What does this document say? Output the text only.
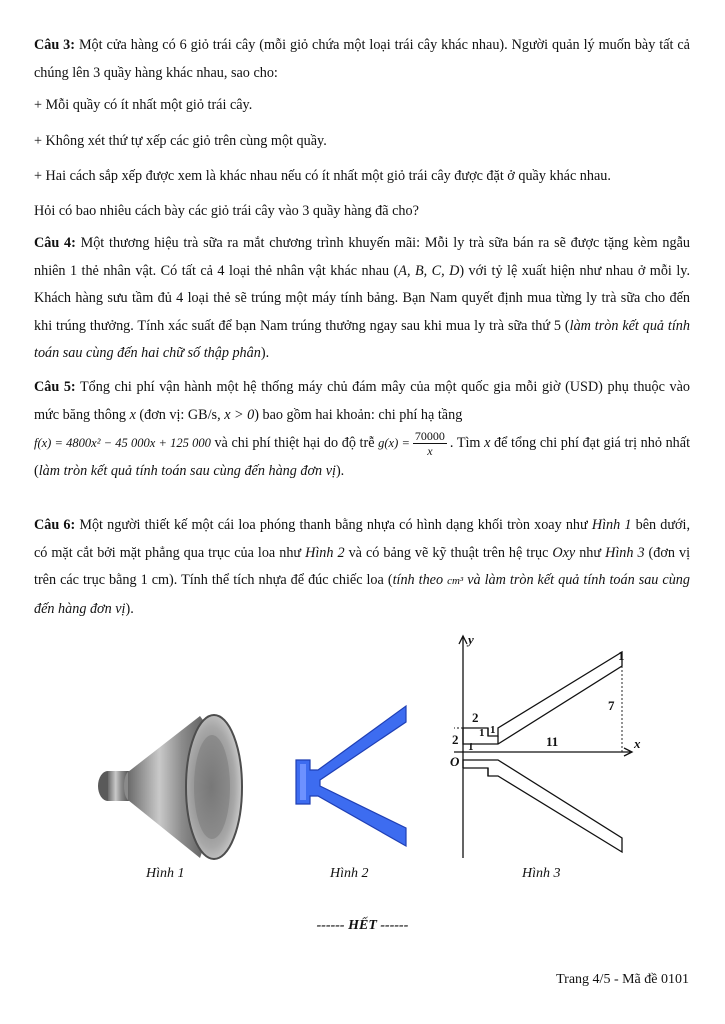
Câu 3: Một cửa hàng có 6 giỏ trái cây (mỗi giỏ chứa một loại trái cây khác nhau). Người quản lý muốn bày tất cả chúng lên 3 quầy hàng khác nhau, sao cho:
+ Mỗi quầy có ít nhất một giỏ trái cây.
+ Không xét thứ tự xếp các giỏ trên cùng một quầy.
+ Hai cách sắp xếp được xem là khác nhau nếu có ít nhất một giỏ trái cây được đặt ở quầy khác nhau.
Hỏi có bao nhiêu cách bày các giỏ trái cây vào 3 quầy hàng đã cho?
Câu 4: Một thương hiệu trà sữa ra mắt chương trình khuyến mãi: Mỗi ly trà sữa bán ra sẽ được tặng kèm ngẫu nhiên 1 thẻ nhân vật. Có tất cả 4 loại thẻ nhân vật khác nhau (A, B, C, D) với tỷ lệ xuất hiện như nhau ở mỗi ly. Khách hàng sưu tầm đủ 4 loại thẻ sẽ trúng một máy tính bảng. Bạn Nam quyết định mua từng ly trà sữa cho đến khi trúng thưởng. Tính xác suất để bạn Nam trúng thưởng ngay sau khi mua ly trà sữa thứ 5 (làm tròn kết quả tính toán sau cùng đến hai chữ số thập phân).
Câu 5: Tổng chi phí vận hành một hệ thống máy chủ đám mây của một quốc gia mỗi giờ (USD) phụ thuộc vào mức băng thông x (đơn vị: GB/s, x > 0) bao gồm hai khoản: chi phí hạ tầng
f(x) = 4800x² − 45 000x + 125 000 và chi phí thiệt hại do độ trễ $g(x) = \frac{70000}{x}$ . Tìm x để tổng chi phí đạt giá trị nhỏ nhất (làm tròn kết quả tính toán sau cùng đến hàng đơn vị).
Câu 6: Một người thiết kế một cái loa phóng thanh bằng nhựa có hình dạng khối tròn xoay như Hình 1 bên dưới, có mặt cắt bởi mặt phẳng qua trục của loa như Hình 2 và có bảng vẽ kỹ thuật trên hệ trục Oxy như Hình 3 (đơn vị trên các trục bằng 1 cm). Tính thể tích nhựa để đúc chiếc loa (tính theo cm³ và làm tròn kết quả tính toán sau cùng đến hàng đơn vị).
Hình 1	Hình 2
y
x
O
2
2 1 1
1
1
7
11
Hình 3
------ HẾT ------
Trang 4/5 - Mã đề 0101
